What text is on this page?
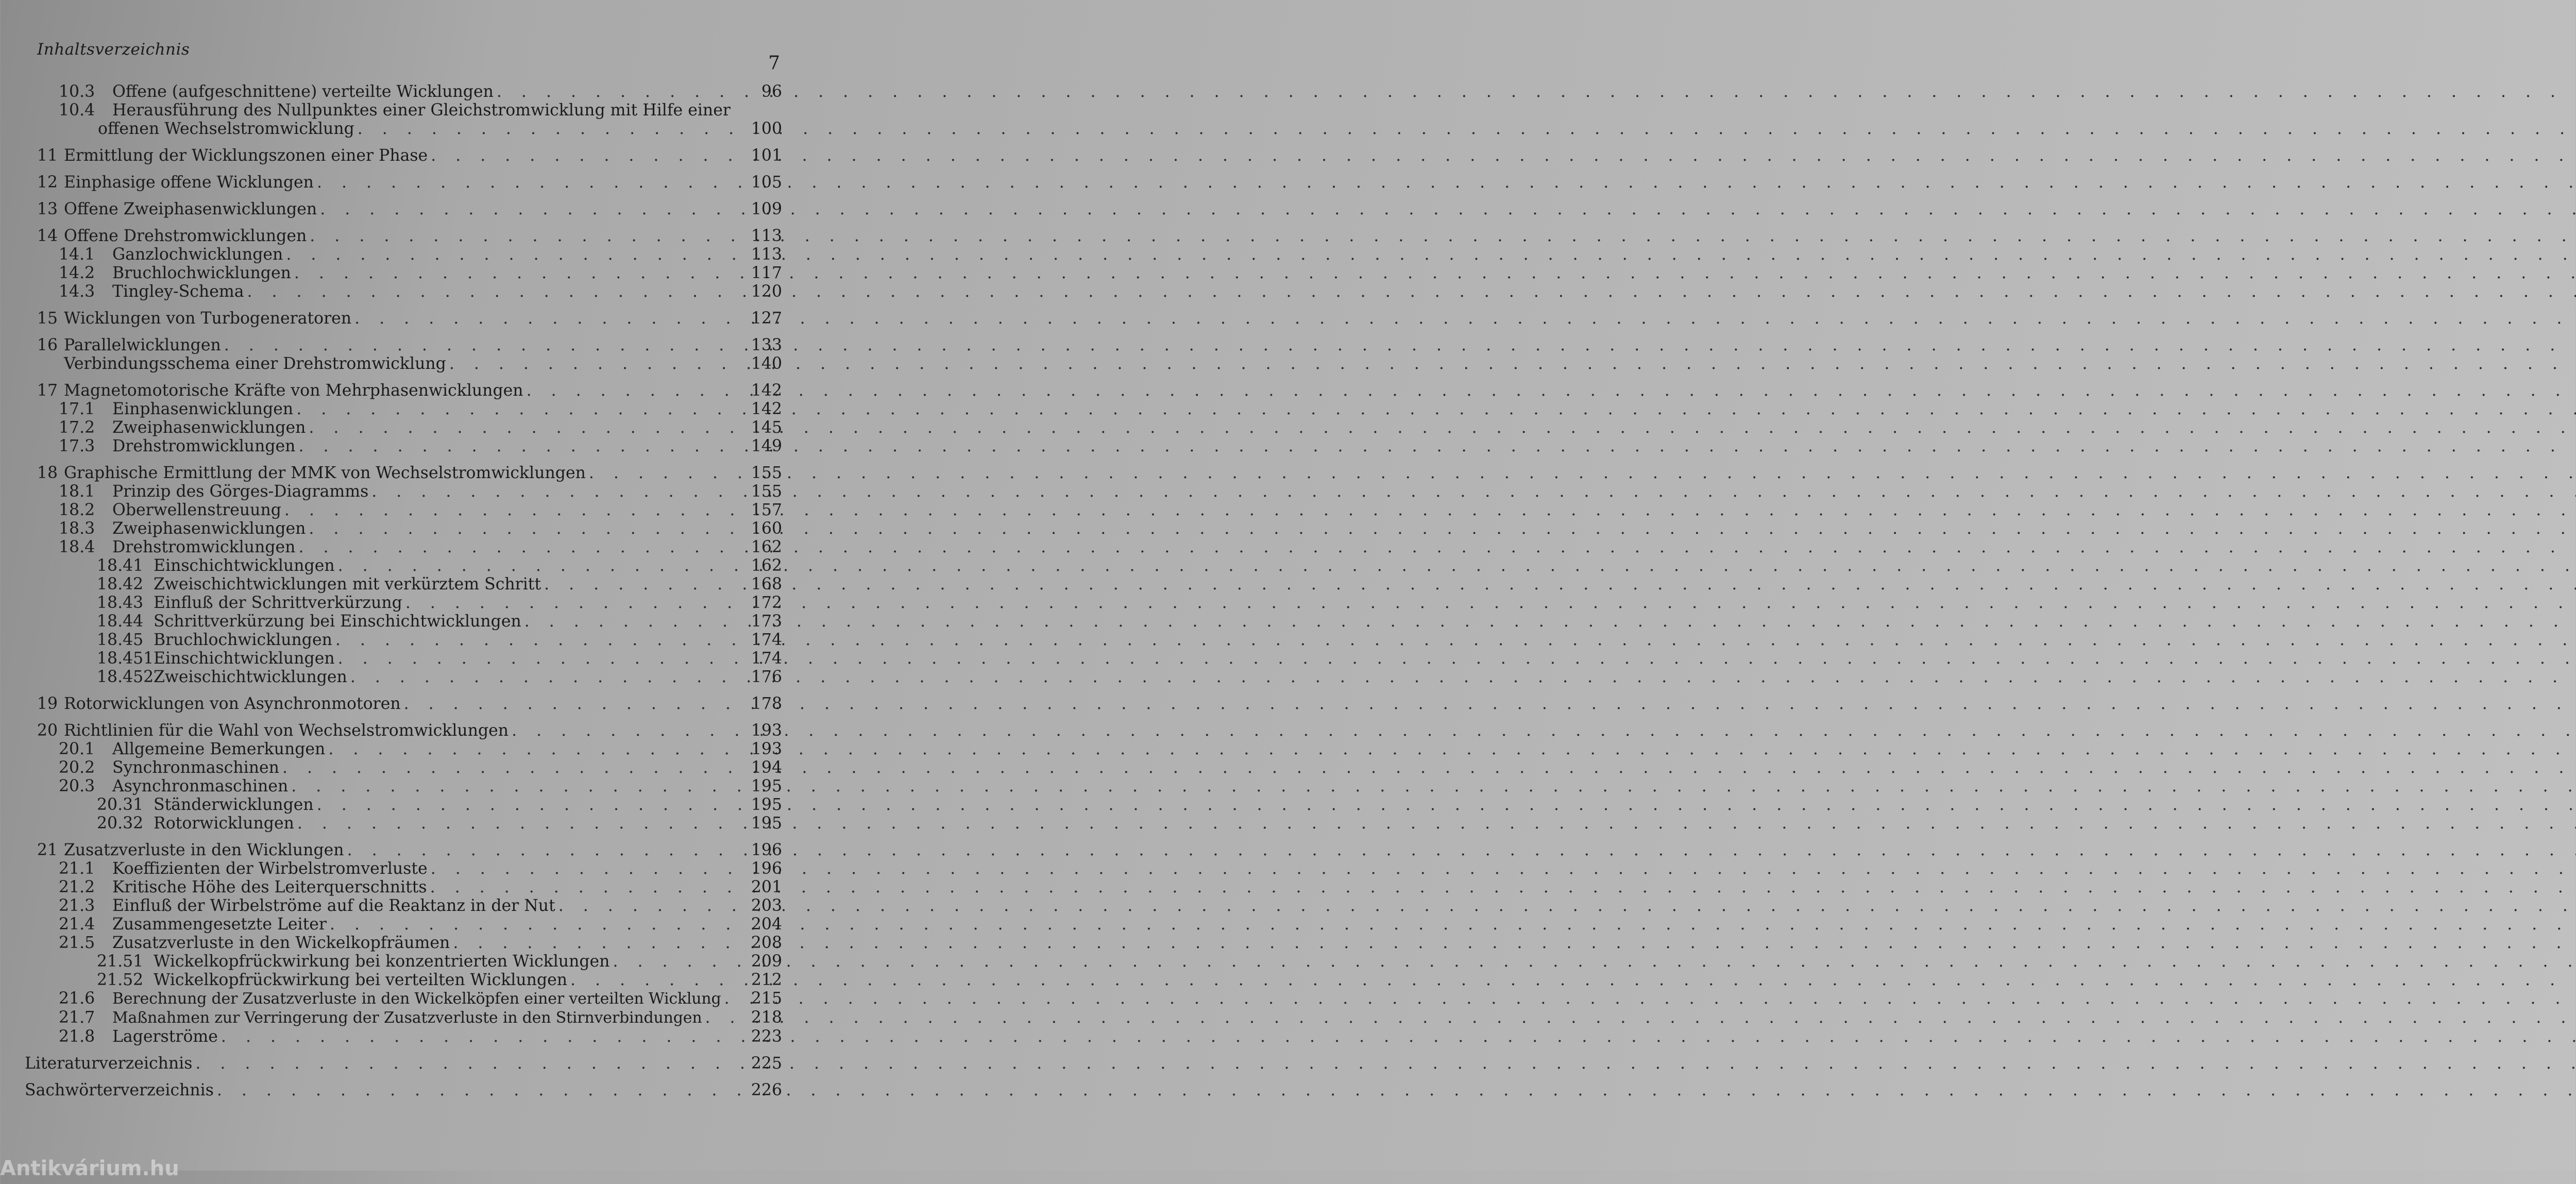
Inhaltsverzeichnis
7
10.3	Offene (aufgeschnittene) verteilte Wicklungen . . .	96
10.4	Herausführung des Nullpunktes einer Gleichstromwicklung mit Hilfe einer
offenen Wechselstromwicklung . . .	100
11 Ermittlung der Wicklungszonen einer Phase . . .	101
12 Einphasige offene Wicklungen . . .	105
13 Offene Zweiphasenwicklungen . . .	109
14 Offene Drehstromwicklungen . . .	113
14.1	Ganzlochwicklungen . . .	113
14.2	Bruchlochwicklungen . . .	117
14.3	Tingley-Schema . . .	120
15 Wicklungen von Turbogeneratoren . . .	127
16 Parallelwicklungen . . .	133
Verbindungsschema einer Drehstromwicklung . . .	140
17 Magnetomotorische Kräfte von Mehrphasenwicklungen . . .	142
17.1	Einphasenwicklungen . . .	142
17.2	Zweiphasenwicklungen . . .	145
17.3	Drehstromwicklungen . . .	149
18 Graphische Ermittlung der MMK von Wechselstromwicklungen . . .	155
18.1	Prinzip des Görges-Diagramms . . .	155
18.2	Oberwellenstreuung . . .	157
18.3	Zweiphasenwicklungen . . .	160
18.4	Drehstromwicklungen . . .	162
18.41 Einschichtwicklungen . . .	162
18.42 Zweischichtwicklungen mit verkürztem Schritt . . .	168
18.43 Einfluß der Schrittverkürzung . . .	172
18.44 Schrittverkürzung bei Einschichtwicklungen . . .	173
18.45 Bruchlochwicklungen . . .	174
18.451 Einschichtwicklungen . . .	174
18.452 Zweischichtwicklungen . . .	176
19 Rotorwicklungen von Asynchronmotoren . . .	178
20 Richtlinien für die Wahl von Wechselstromwicklungen . . .	193
20.1	Allgemeine Bemerkungen . . .	193
20.2	Synchronmaschinen . . .	194
20.3	Asynchronmaschinen . . .	195
20.31 Ständerwicklungen . . .	195
20.32 Rotorwicklungen . . .	195
21 Zusatzverluste in den Wicklungen . . .	196
21.1	Koeffizienten der Wirbelstromverluste . . .	196
21.2	Kritische Höhe des Leiterquerschnitts . . .	201
21.3	Einfluß der Wirbelströme auf die Reaktanz in der Nut . . .	203
21.4	Zusammengesetzte Leiter . . .	204
21.5	Zusatzverluste in den Wickelkopfräumen . . .	208
21.51 Wickelkopfrückwirkung bei konzentrierten Wicklungen . . .	209
21.52 Wickelkopfrückwirkung bei verteilten Wicklungen . . .	212
21.6	Berechnung der Zusatzverluste in den Wickelköpfen einer verteilten Wicklung . . . 215
21.7	Maßnahmen zur Verringerung der Zusatzverluste in den Stirnverbindungen . . .	218
21.8	Lagerströme . . .	223
Literaturverzeichnis . . .	225
Sachwörterverzeichnis . . .	226
Antikvárium.hu
